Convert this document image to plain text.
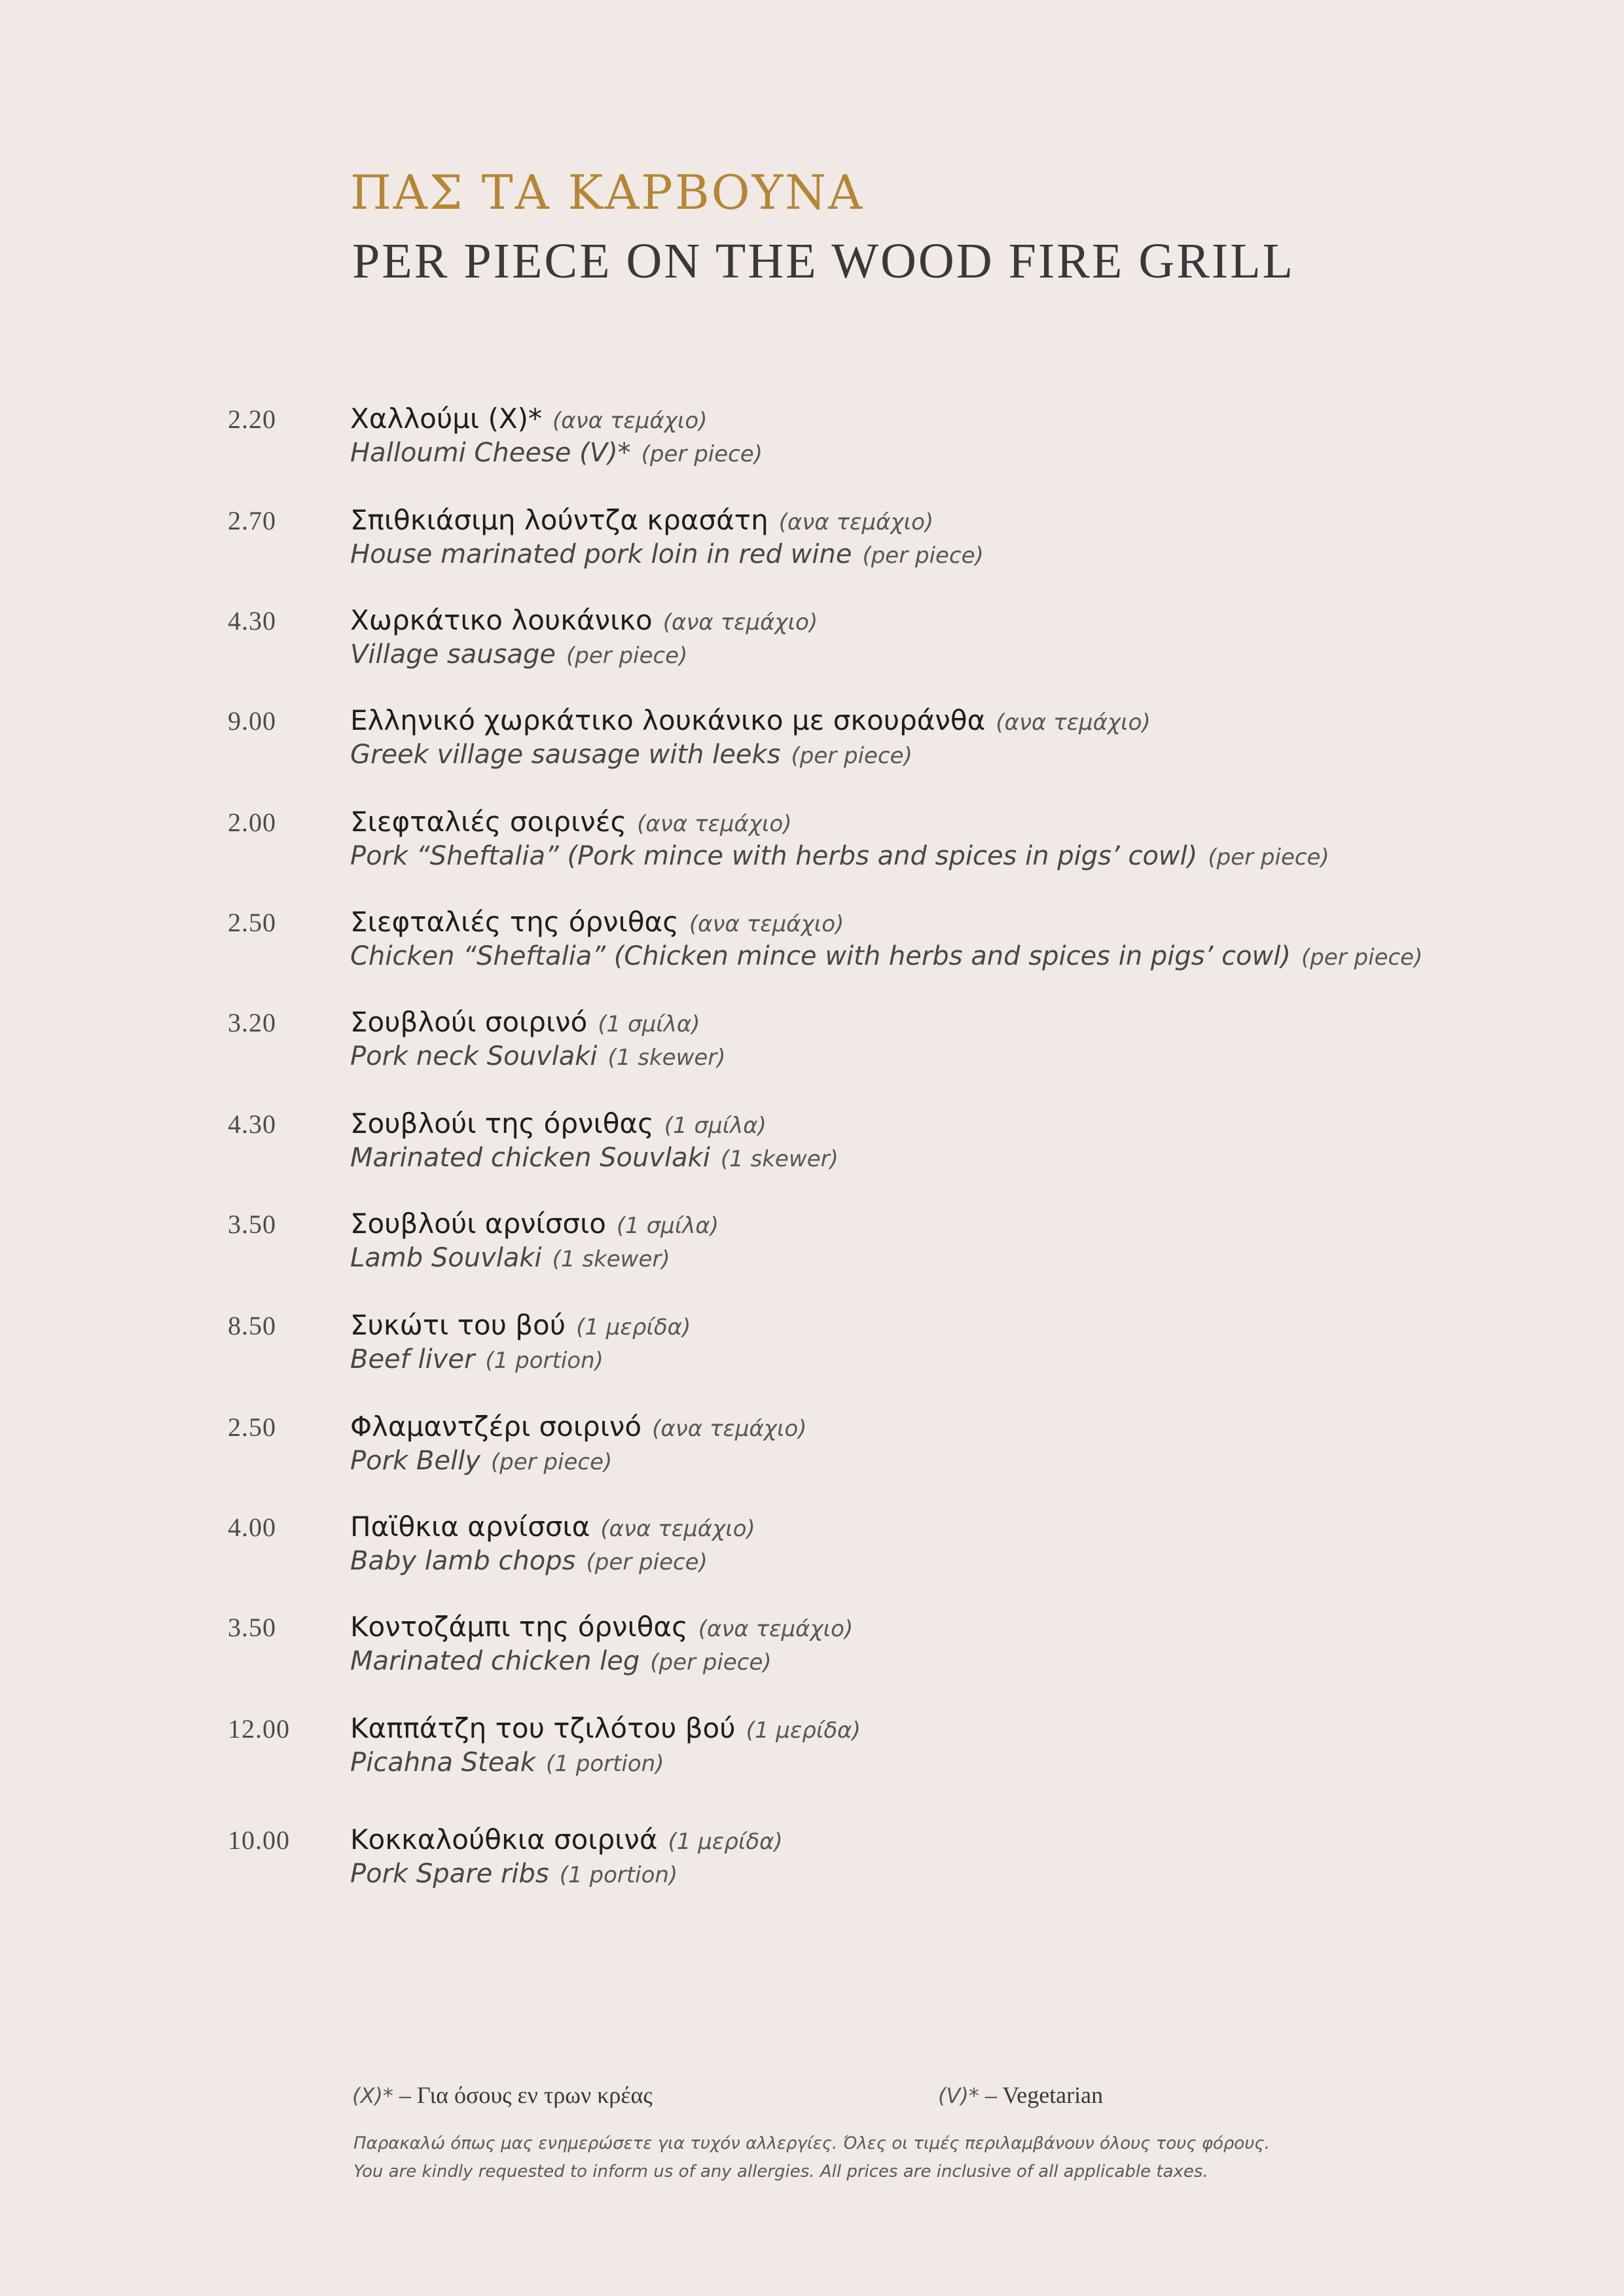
ΠΑΣ ΤΑ ΚΑΡΒΟΥΝΑ
PER PIECE ON THE WOOD FIRE GRILL
2.20	Χαλλούμι (X)* (ανα τεμάχιο)
Halloumi Cheese (V)* (per piece)
2.70	Σπιθκιάσιμη λούντζα κρασάτη (ανα τεμάχιο)
House marinated pork loin in red wine (per piece)
4.30	Χωρκάτικο λουκάνικο (ανα τεμάχιο)
Village sausage (per piece)
9.00	Ελληνικό χωρκάτικο λουκάνικο με σκουράνθα (ανα τεμάχιο)
Greek village sausage with leeks (per piece)
2.00	Σιεφταλιές σοιρινές (ανα τεμάχιο)
Pork “Sheftalia” (Pork mince with herbs and spices in pigs’ cowl) (per piece)
2.50	Σιεφταλιές της όρνιθας (ανα τεμάχιο)
Chicken “Sheftalia” (Chicken mince with herbs and spices in pigs’ cowl) (per piece)
3.20	Σουβλούι σοιρινό (1 σμίλα)
Pork neck Souvlaki (1 skewer)
4.30	Σουβλούι της όρνιθας (1 σμίλα)
Marinated chicken Souvlaki (1 skewer)
3.50	Σουβλούι αρνίσσιο (1 σμίλα)
Lamb Souvlaki (1 skewer)
8.50	Συκώτι του βού (1 μερίδα)
Beef liver (1 portion)
2.50	Φλαμαντζέρι σοιρινό (ανα τεμάχιο)
Pork Belly (per piece)
4.00	Παϊθκια αρνίσσια (ανα τεμάχιο)
Baby lamb chops (per piece)
3.50	Κοντοζάμπι της όρνιθας (ανα τεμάχιο)
Marinated chicken leg (per piece)
12.00 Καππάτζη του τζιλότου βού (1 μερίδα)
Picahna Steak (1 portion)
10.00 Κοκκαλούθκια σοιρινά (1 μερίδα)
Pork Spare ribs (1 portion)
(X)* – Για όσους εν τρων κρέας	(V)* – Vegetarian
Παρακαλώ όπως μας ενημερώσετε για τυχόν αλλεργίες. Όλες οι τιμές περιλαμβάνουν όλους τους φόρους.
You are kindly requested to inform us of any allergies. All prices are inclusive of all applicable taxes.
